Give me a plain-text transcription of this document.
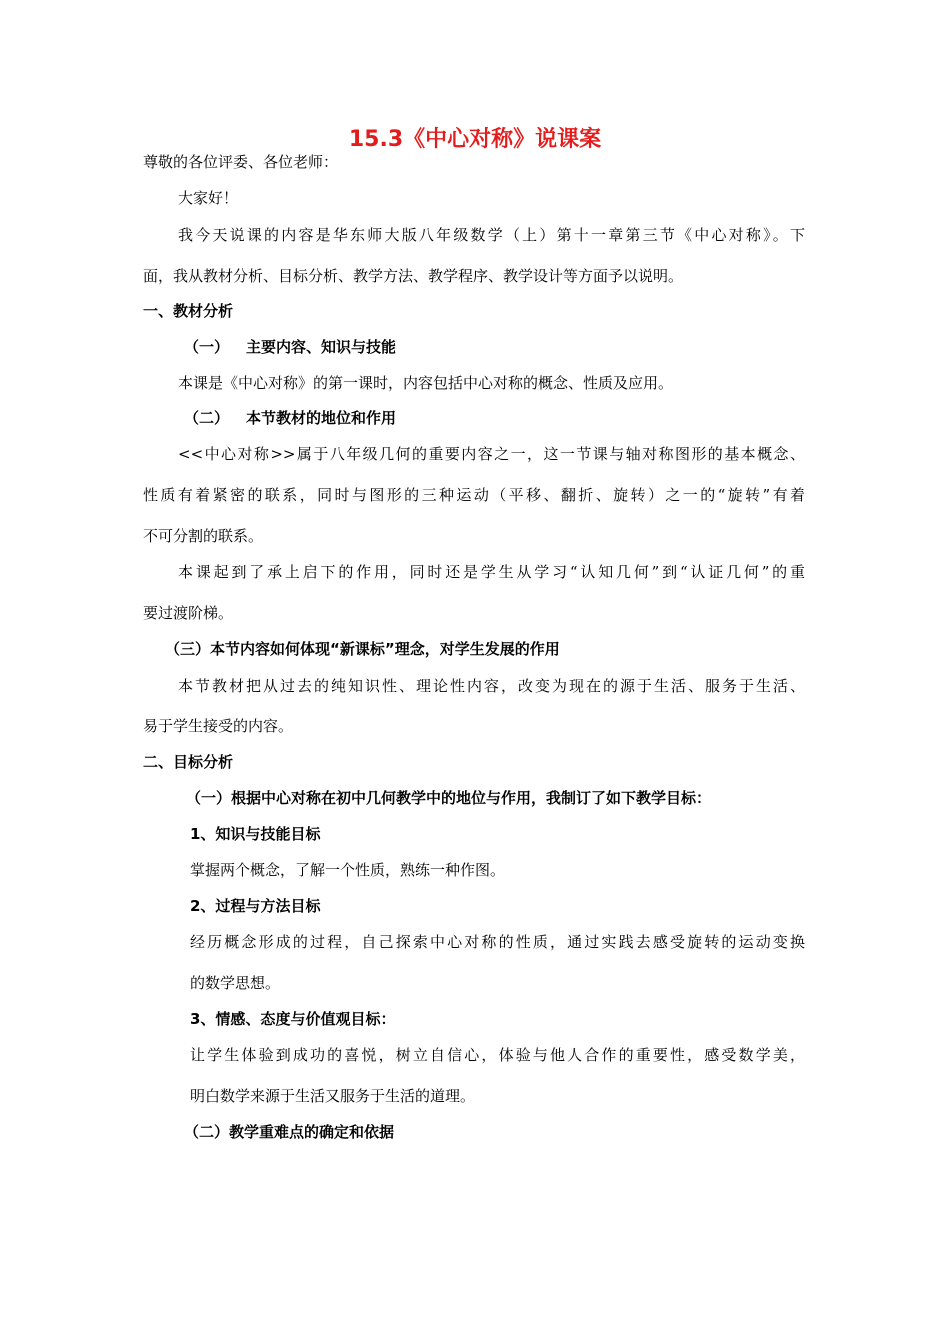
15.3《中心对称》说课案
尊敬的各位评委、各位老师：
大家好！
我今天说课的内容是华东师大版八年级数学（上）第十一章第三节《中心对称》。下
面，我从教材分析、目标分析、教学方法、教学程序、教学设计等方面予以说明。
一、教材分析
（一） 主要内容、知识与技能
本课是《中心对称》的第一课时，内容包括中心对称的概念、性质及应用。
（二） 本节教材的地位和作用
<<中心对称>>属于八年级几何的重要内容之一，这一节课与轴对称图形的基本概念、
性质有着紧密的联系，同时与图形的三种运动（平移、翻折、旋转）之一的“旋转”有着
不可分割的联系。
本课起到了承上启下的作用，同时还是学生从学习“认知几何”到“认证几何”的重
要过渡阶梯。
（三）本节内容如何体现“新课标”理念，对学生发展的作用
本节教材把从过去的纯知识性、理论性内容，改变为现在的源于生活、服务于生活、
易于学生接受的内容。
二、目标分析
（一）根据中心对称在初中几何教学中的地位与作用，我制订了如下教学目标：
1、知识与技能目标
掌握两个概念，了解一个性质，熟练一种作图。
2、过程与方法目标
经历概念形成的过程，自己探索中心对称的性质，通过实践去感受旋转的运动变换
的数学思想。
3、情感、态度与价值观目标：
让学生体验到成功的喜悦，树立自信心，体验与他人合作的重要性，感受数学美，
明白数学来源于生活又服务于生活的道理。
（二）教学重难点的确定和依据
